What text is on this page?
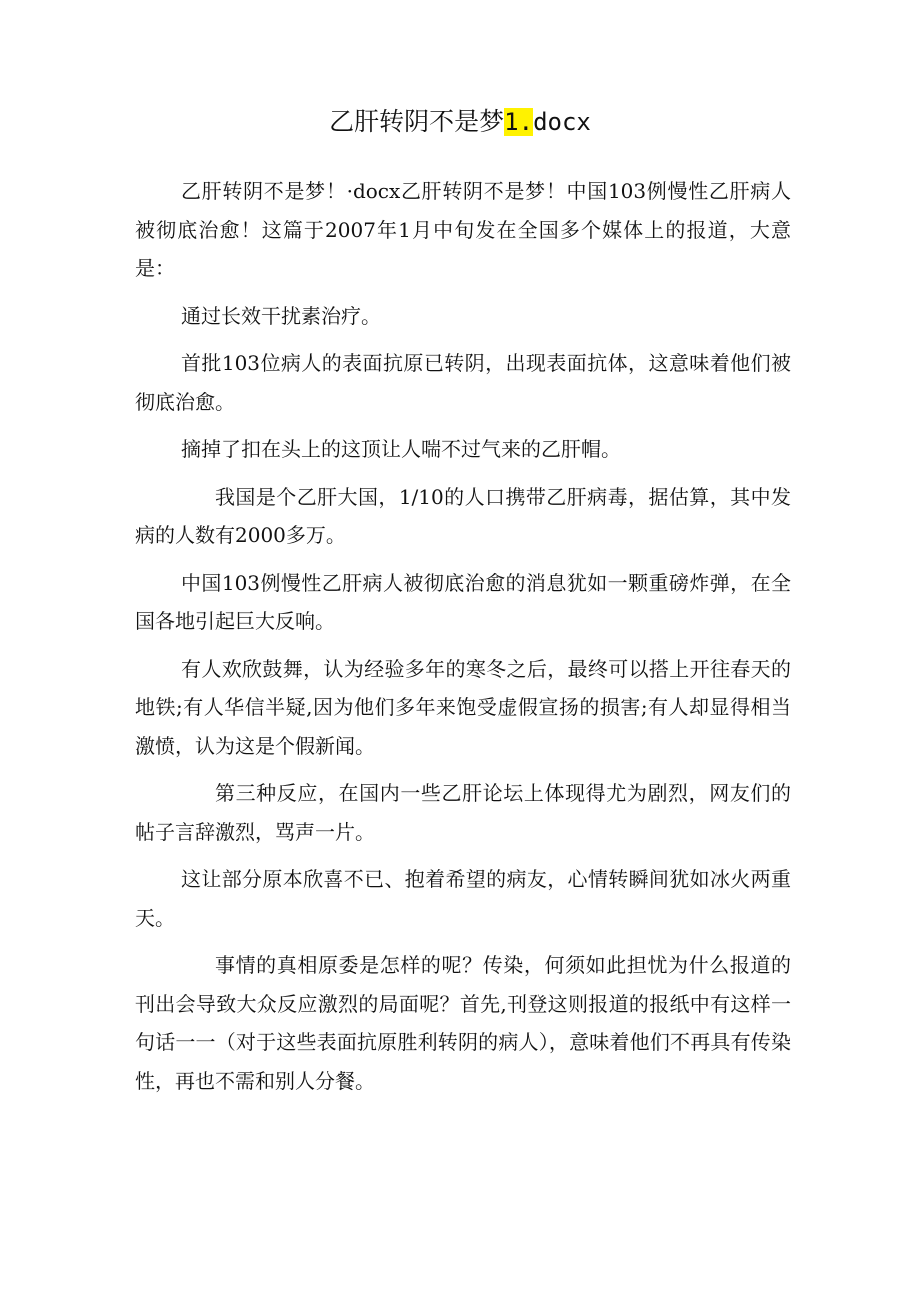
乙肝转阴不是梦1.docx

乙肝转阴不是梦！·docx乙肝转阴不是梦！中国103例慢性乙肝病人被彻底治愈！这篇于2007年1月中旬发在全国多个媒体上的报道，大意是：

通过长效干扰素治疗。

首批103位病人的表面抗原已转阴，出现表面抗体，这意味着他们被彻底治愈。

摘掉了扣在头上的这顶让人喘不过气来的乙肝帽。

我国是个乙肝大国，1/10的人口携带乙肝病毒，据估算，其中发病的人数有2000多万。

中国103例慢性乙肝病人被彻底治愈的消息犹如一颗重磅炸弹，在全国各地引起巨大反响。

有人欢欣鼓舞，认为经验多年的寒冬之后，最终可以搭上开往春天的地铁;有人华信半疑,因为他们多年来饱受虚假宣扬的损害;有人却显得相当激愤，认为这是个假新闻。

第三种反应，在国内一些乙肝论坛上体现得尤为剧烈，网友们的帖子言辞激烈，骂声一片。

这让部分原本欣喜不已、抱着希望的病友，心情转瞬间犹如冰火两重天。

事情的真相原委是怎样的呢？传染，何须如此担忧为什么报道的刊出会导致大众反应激烈的局面呢？首先,刊登这则报道的报纸中有这样一句话一一（对于这些表面抗原胜利转阴的病人），意味着他们不再具有传染性，再也不需和别人分餐。
